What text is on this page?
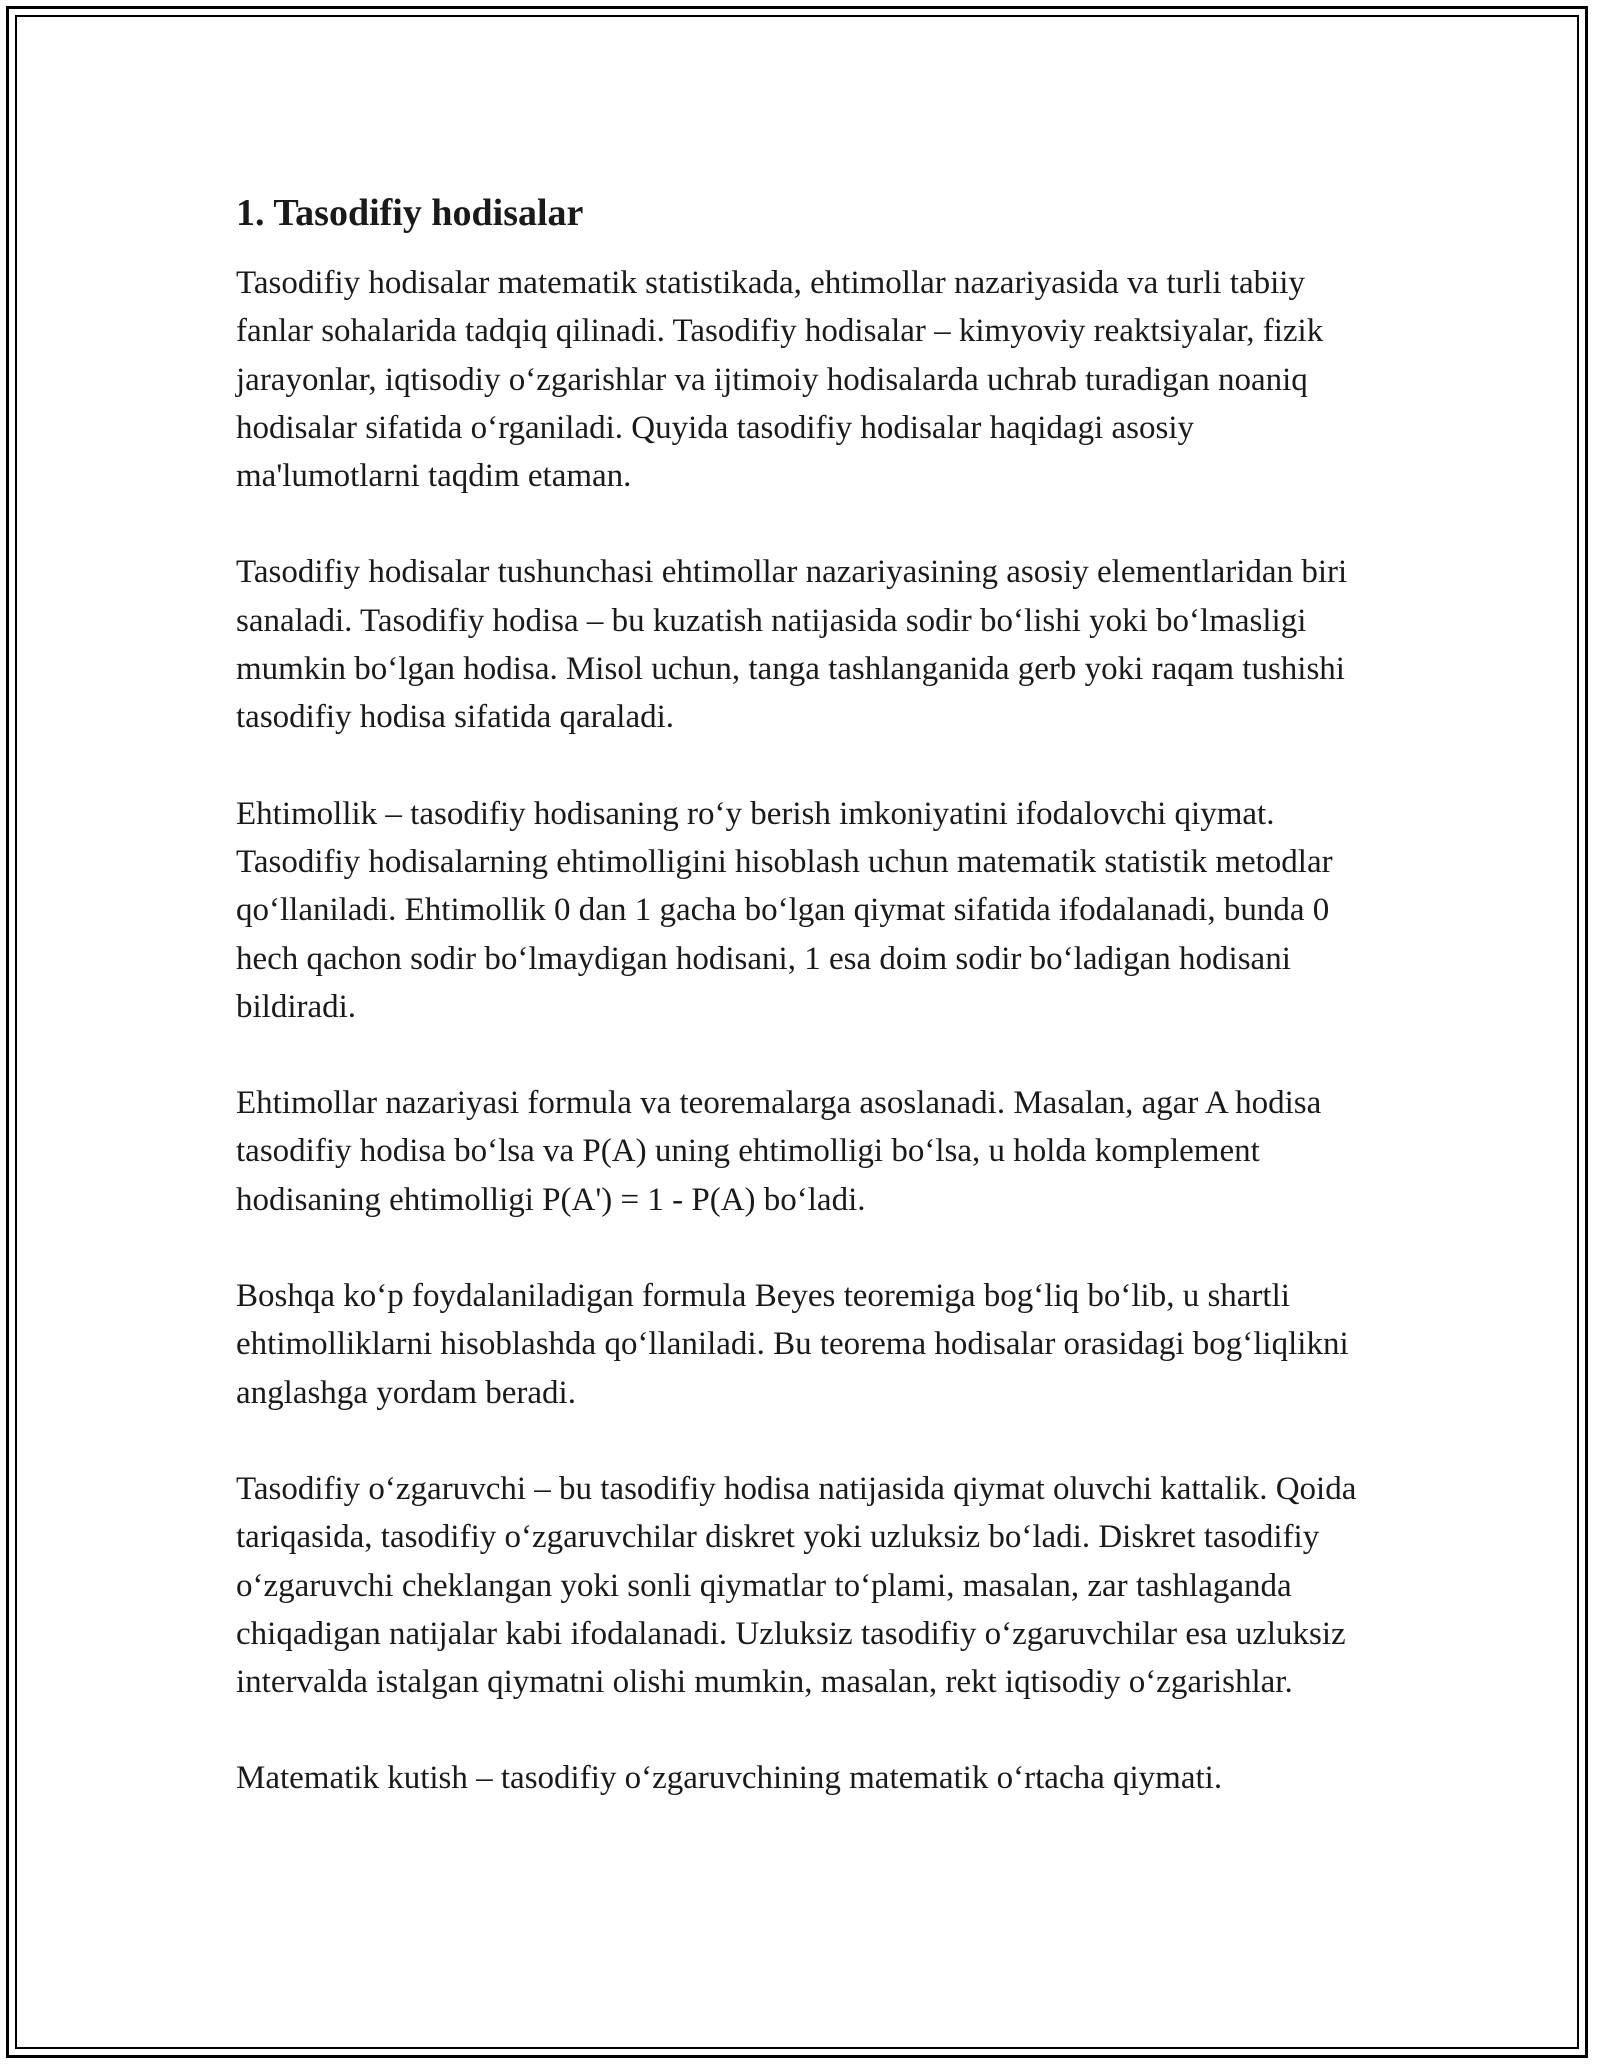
1. Tasodifiy hodisalar

Tasodifiy hodisalar matematik statistikada, ehtimollar nazariyasida va turli tabiiy fanlar sohalarida tadqiq qilinadi. Tasodifiy hodisalar – kimyoviy reaktsiyalar, fizik jarayonlar, iqtisodiy o‘zgarishlar va ijtimoiy hodisalarda uchrab turadigan noaniq hodisalar sifatida o‘rganiladi. Quyida tasodifiy hodisalar haqidagi asosiy ma'lumotlarni taqdim etaman.

Tasodifiy hodisalar tushunchasi ehtimollar nazariyasining asosiy elementlaridan biri sanaladi. Tasodifiy hodisa – bu kuzatish natijasida sodir bo‘lishi yoki bo‘lmasligi mumkin bo‘lgan hodisa. Misol uchun, tanga tashlanganida gerb yoki raqam tushishi tasodifiy hodisa sifatida qaraladi.

Ehtimollik – tasodifiy hodisaning ro‘y berish imkoniyatini ifodalovchi qiymat. Tasodifiy hodisalarning ehtimolligini hisoblash uchun matematik statistik metodlar qo‘llaniladi. Ehtimollik 0 dan 1 gacha bo‘lgan qiymat sifatida ifodalanadi, bunda 0 hech qachon sodir bo‘lmaydigan hodisani, 1 esa doim sodir bo‘ladigan hodisani bildiradi.

Ehtimollar nazariyasi formula va teoremalarga asoslanadi. Masalan, agar A hodisa tasodifiy hodisa bo‘lsa va P(A) uning ehtimolligi bo‘lsa, u holda komplement hodisaning ehtimolligi P(A') = 1 - P(A) bo‘ladi.

Boshqa ko‘p foydalaniladigan formula Beyes teoremiga bog‘liq bo‘lib, u shartli ehtimolliklarni hisoblashda qo‘llaniladi. Bu teorema hodisalar orasidagi bog‘liqlikni anglashga yordam beradi.

Tasodifiy o‘zgaruvchi – bu tasodifiy hodisa natijasida qiymat oluvchi kattalik. Qoida tariqasida, tasodifiy o‘zgaruvchilar diskret yoki uzluksiz bo‘ladi. Diskret tasodifiy o‘zgaruvchi cheklangan yoki sonli qiymatlar to‘plami, masalan, zar tashlaganda chiqadigan natijalar kabi ifodalanadi. Uzluksiz tasodifiy o‘zgaruvchilar esa uzluksiz intervalda istalgan qiymatni olishi mumkin, masalan, rekt iqtisodiy o‘zgarishlar.

Matematik kutish – tasodifiy o‘zgaruvchining matematik o‘rtacha qiymati.
